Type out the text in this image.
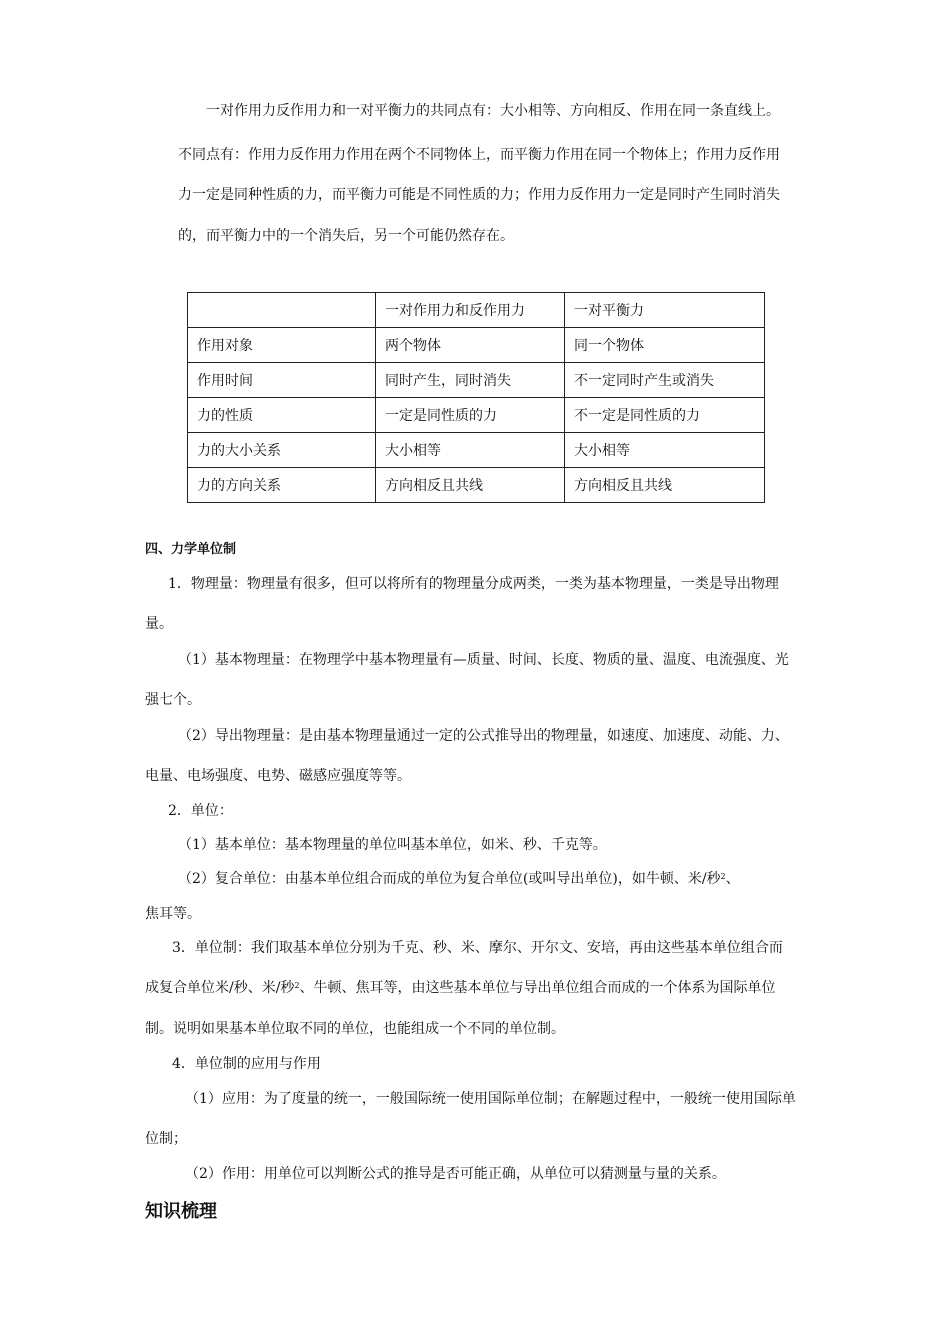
一对作用力反作用力和一对平衡力的共同点有：大小相等、方向相反、作用在同一条直线上。
不同点有：作用力反作用力作用在两个不同物体上，而平衡力作用在同一个物体上；作用力反作用
力一定是同种性质的力，而平衡力可能是不同性质的力；作用力反作用力一定是同时产生同时消失
的，而平衡力中的一个消失后，另一个可能仍然存在。
	一对作用力和反作用力	一对平衡力
作用对象	两个物体	同一个物体
作用时间	同时产生，同时消失	不一定同时产生或消失
力的性质	一定是同性质的力	不一定是同性质的力
力的大小关系	大小相等	大小相等
力的方向关系	方向相反且共线	方向相反且共线
四、力学单位制
1．物理量：物理量有很多，但可以将所有的物理量分成两类，一类为基本物理量，一类是导出物理
量。
（1）基本物理量：在物理学中基本物理量有—质量、时间、长度、物质的量、温度、电流强度、光
强七个。
（2）导出物理量：是由基本物理量通过一定的公式推导出的物理量，如速度、加速度、动能、力、
电量、电场强度、电势、磁感应强度等等。
2．单位：
（1）基本单位：基本物理量的单位叫基本单位，如米、秒、千克等。
（2）复合单位：由基本单位组合而成的单位为复合单位(或叫导出单位)，如牛顿、米/秒$^2$、
焦耳等。
3．单位制：我们取基本单位分别为千克、秒、米、摩尔、开尔文、安培，再由这些基本单位组合而
成复合单位米/秒、米/秒$^2$、牛顿、焦耳等，由这些基本单位与导出单位组合而成的一个体系为国际单位
制。说明如果基本单位取不同的单位，也能组成一个不同的单位制。
4．单位制的应用与作用
（1）应用：为了度量的统一，一般国际统一使用国际单位制；在解题过程中，一般统一使用国际单
位制；
（2）作用：用单位可以判断公式的推导是否可能正确，从单位可以猜测量与量的关系。
知识梳理
